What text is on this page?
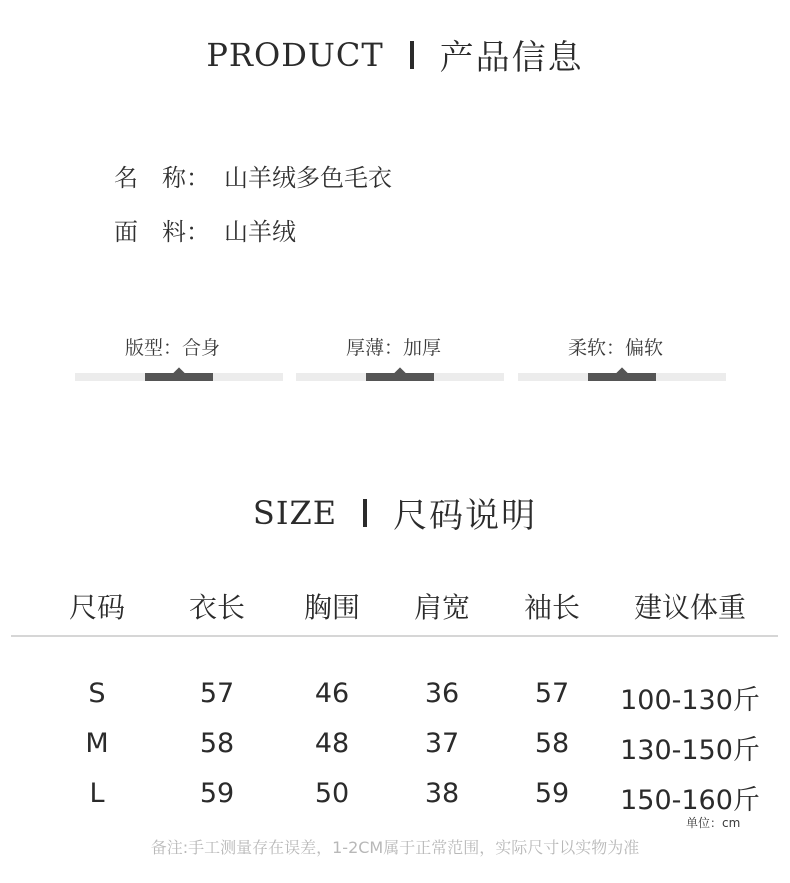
PRODUCT 产品信息
名　称： 山羊绒多色毛衣
面　料： 山羊绒
版型：合身	厚薄：加厚	柔软：偏软
SIZE 尺码说明
尺码 衣长 胸围 肩宽 袖长 建议体重
S	57	46	36	57 100-130斤
M	58	48	37	58 130-150斤
L	59	50	38	59 150-160斤
单位：cm
备注:手工测量存在误差，1-2CM属于正常范围，实际尺寸以实物为准
